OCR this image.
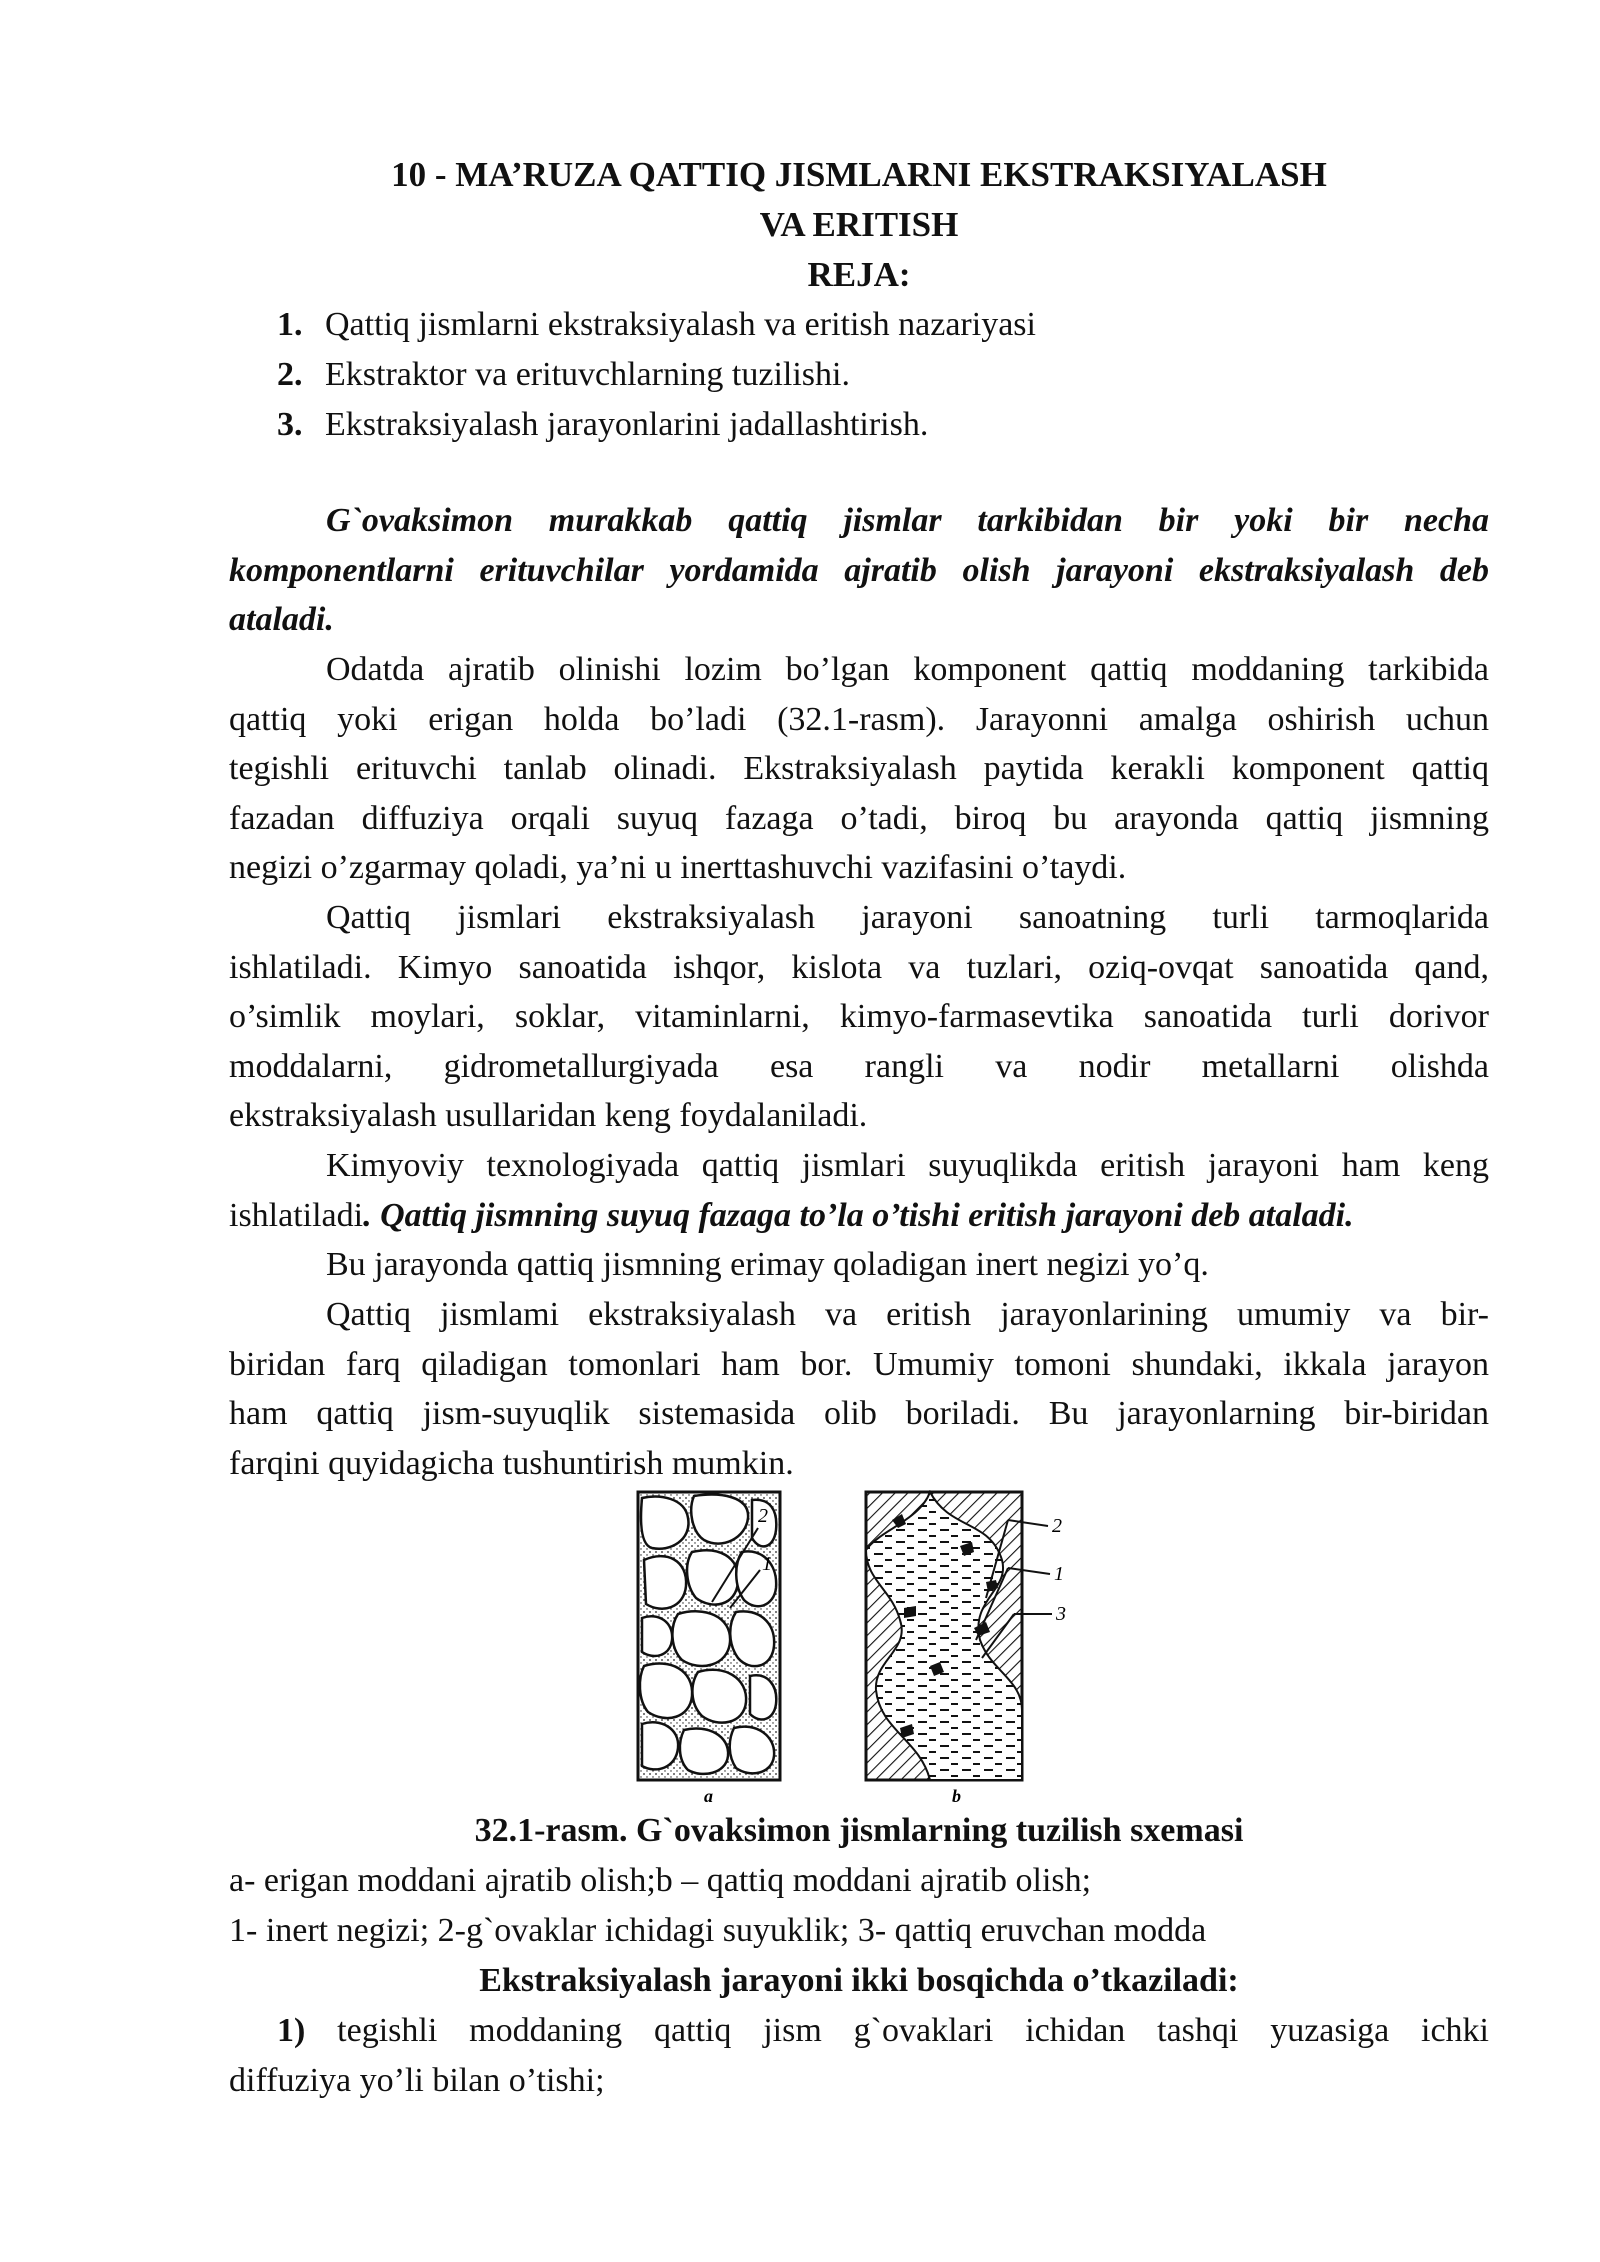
10 - MA’RUZA QATTIQ JISMLARNI EKSTRAKSIYALASH
VA ERITISH
REJA:
1. Qattiq jismlarni ekstraksiyalash va eritish nazariyasi
2. Ekstraktor va erituvchlarning tuzilishi.
3. Ekstraksiyalash jarayonlarini jadallashtirish.
G`ovaksimon murakkab qattiq jismlar tarkibidan bir yoki bir necha
komponentlarni erituvchilar yordamida ajratib olish jarayoni ekstraksiyalash deb
ataladi.
Odatda ajratib olinishi lozim bo’lgan komponent qattiq moddaning tarkibida
qattiq yoki erigan holda bo’ladi (32.1-rasm). Jarayonni amalga oshirish uchun
tegishli erituvchi tanlab olinadi. Ekstraksiyalash paytida kerakli komponent qattiq
fazadan diffuziya orqali suyuq fazaga o’tadi, biroq bu arayonda qattiq jismning
negizi o’zgarmay qoladi, ya’ni u inerttashuvchi vazifasini o’taydi.
Qattiq jismlari ekstraksiyalash jarayoni sanoatning turli tarmoqlarida
ishlatiladi. Kimyo sanoatida ishqor, kislota va tuzlari, oziq-ovqat sanoatida qand,
o’simlik moylari, soklar, vitaminlarni, kimyo-farmasevtika sanoatida turli dorivor
moddalarni, gidrometallurgiyada esa rangli va nodir metallarni olishda
ekstraksiyalash usullaridan keng foydalaniladi.
Kimyoviy texnologiyada qattiq jismlari suyuqlikda eritish jarayoni ham keng
ishlatiladi. Qattiq jismning suyuq fazaga to’la o’tishi eritish jarayoni deb ataladi.
Bu jarayonda qattiq jismning erimay qoladigan inert negizi yo’q.
Qattiq jismlami ekstraksiyalash va eritish jarayonlarining umumiy va bir-
biridan farq qiladigan tomonlari ham bor. Umumiy tomoni shundaki, ikkala jarayon
ham qattiq jism-suyuqlik sistemasida olib boriladi. Bu jarayonlarning bir-biridan
farqini quyidagicha tushuntirish mumkin.
2
1
a
2
1
3
b
32.1-rasm. G`ovaksimon jismlarning tuzilish sxemasi
a- erigan moddani ajratib olish;b – qattiq moddani ajratib olish;
1- inert negizi; 2-g`ovaklar ichidagi suyuklik; 3- qattiq eruvchan modda
Ekstraksiyalash jarayoni ikki bosqichda o’tkaziladi:
1) tegishli moddaning qattiq jism g`ovaklari ichidan tashqi yuzasiga ichki
diffuziya yo’li bilan o’tishi;
